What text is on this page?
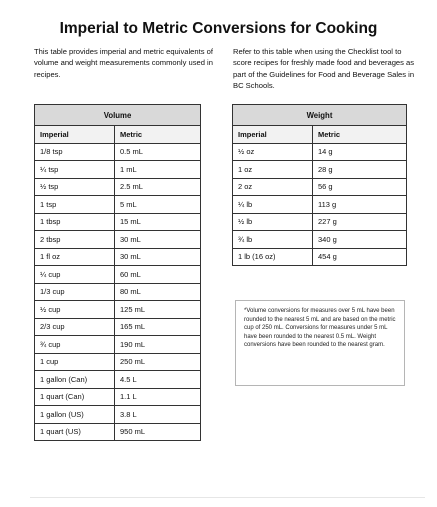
Imperial to Metric Conversions for Cooking
This table provides imperial and metric equivalents of volume and weight measurements commonly used in recipes.
Refer to this table when using the Checklist tool to score recipes for freshly made food and beverages as part of the Guidelines for Food and Beverage Sales in BC Schools.
Volume	
Imperial	Metric
1/8 tsp	0.5 mL
¼ tsp	1 mL
½ tsp	2.5 mL
1 tsp	5 mL
1 tbsp	15 mL
2 tbsp	30 mL
1 fl oz	30 mL
¼ cup	60 mL
1/3 cup	80 mL
½ cup	125 mL
2/3 cup	165 mL
¾ cup	190 mL
1 cup	250 mL
1 gallon (Can)	4.5 L
1 quart (Can)	1.1 L
1 gallon (US)	3.8 L
1 quart (US)	950 mL
Weight	
Imperial	Metric
½ oz	14 g
1 oz	28 g
2 oz	56 g
¼ lb	113 g
½ lb	227 g
¾ lb	340 g
1 lb (16 oz)	454 g
*Volume conversions for measures over 5 mL have been rounded to the nearest 5 mL and are based on the metric cup of 250 mL. Conversions for measures under 5 mL have been rounded to the nearest 0.5 mL. Weight conversions have been rounded to the nearest gram.
